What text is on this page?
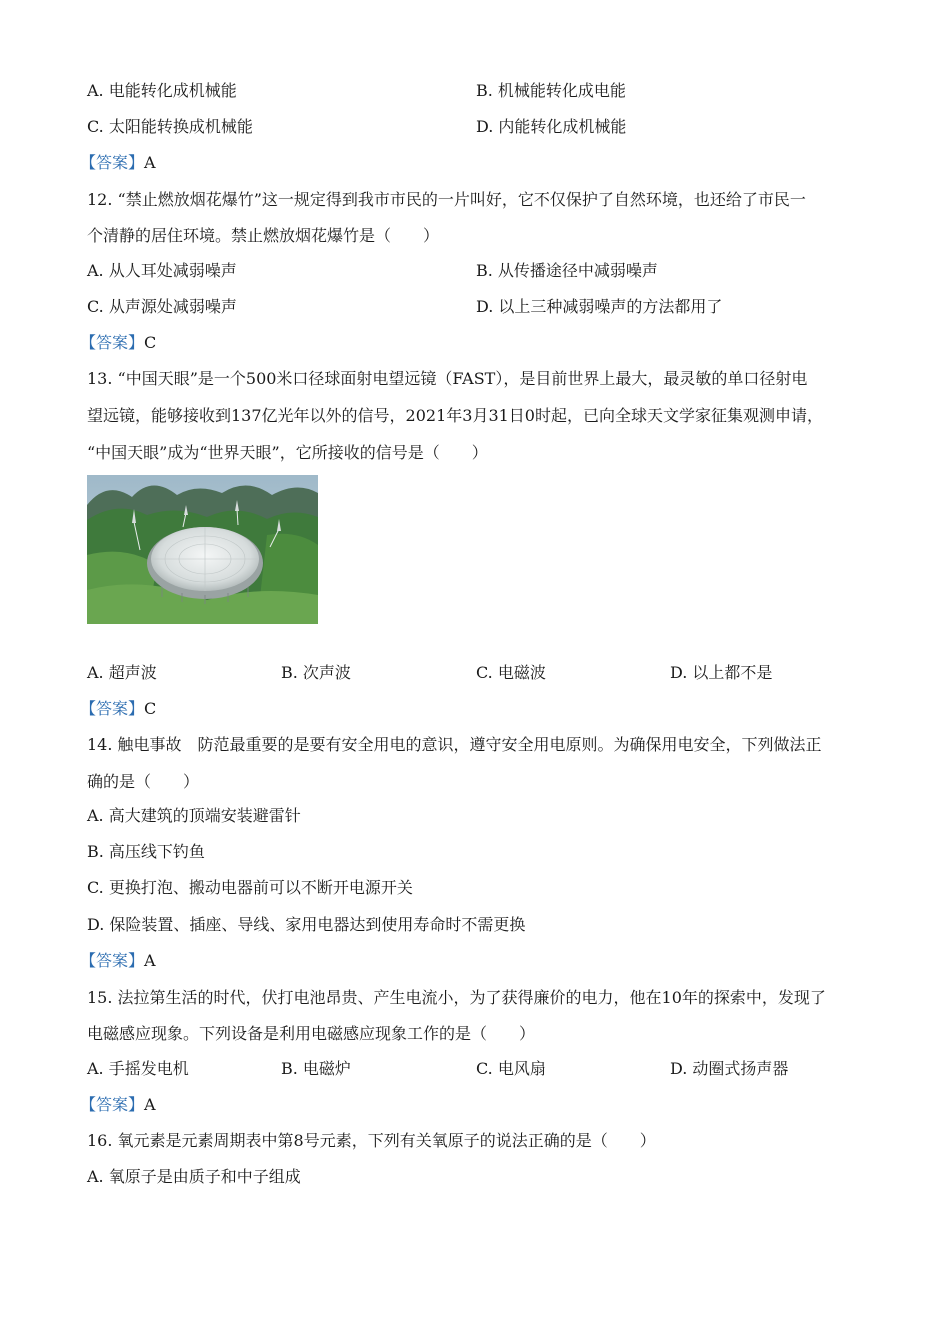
A. 电能转化成机械能	B. 机械能转化成电能
C. 太阳能转换成机械能	D. 内能转化成机械能
【答案】A
12. “禁止燃放烟花爆竹”这一规定得到我市市民的一片叫好，它不仅保护了自然环境，也还给了市民一
个清静的居住环境。禁止燃放烟花爆竹是（　　）
A. 从人耳处减弱噪声	B. 从传播途径中减弱噪声
C. 从声源处减弱噪声	D. 以上三种减弱噪声的方法都用了
【答案】C
13. “中国天眼”是一个500米口径球面射电望远镜（FAST），是目前世界上最大，最灵敏的单口径射电
望远镜，能够接收到137亿光年以外的信号，2021年3月31日0时起，已向全球天文学家征集观测申请，
“中国天眼”成为“世界天眼”，它所接收的信号是（　　）
A. 超声波	B. 次声波	C. 电磁波	D. 以上都不是
【答案】C
14. 触电事故　防范最重要的是要有安全用电的意识，遵守安全用电原则。为确保用电安全，下列做法正
确的是（　　）
A. 高大建筑的顶端安装避雷针
B. 高压线下钓鱼
C. 更换打泡、搬动电器前可以不断开电源开关
D. 保险装置、插座、导线、家用电器达到使用寿命时不需更换
【答案】A
15. 法拉第生活的时代，伏打电池昂贵、产生电流小，为了获得廉价的电力，他在10年的探索中，发现了
电磁感应现象。下列设备是利用电磁感应现象工作的是（　　）
A. 手摇发电机	B. 电磁炉	C. 电风扇	D. 动圈式扬声器
【答案】A
16. 氧元素是元素周期表中第8号元素，下列有关氧原子的说法正确的是（　　）
A. 氧原子是由质子和中子组成
